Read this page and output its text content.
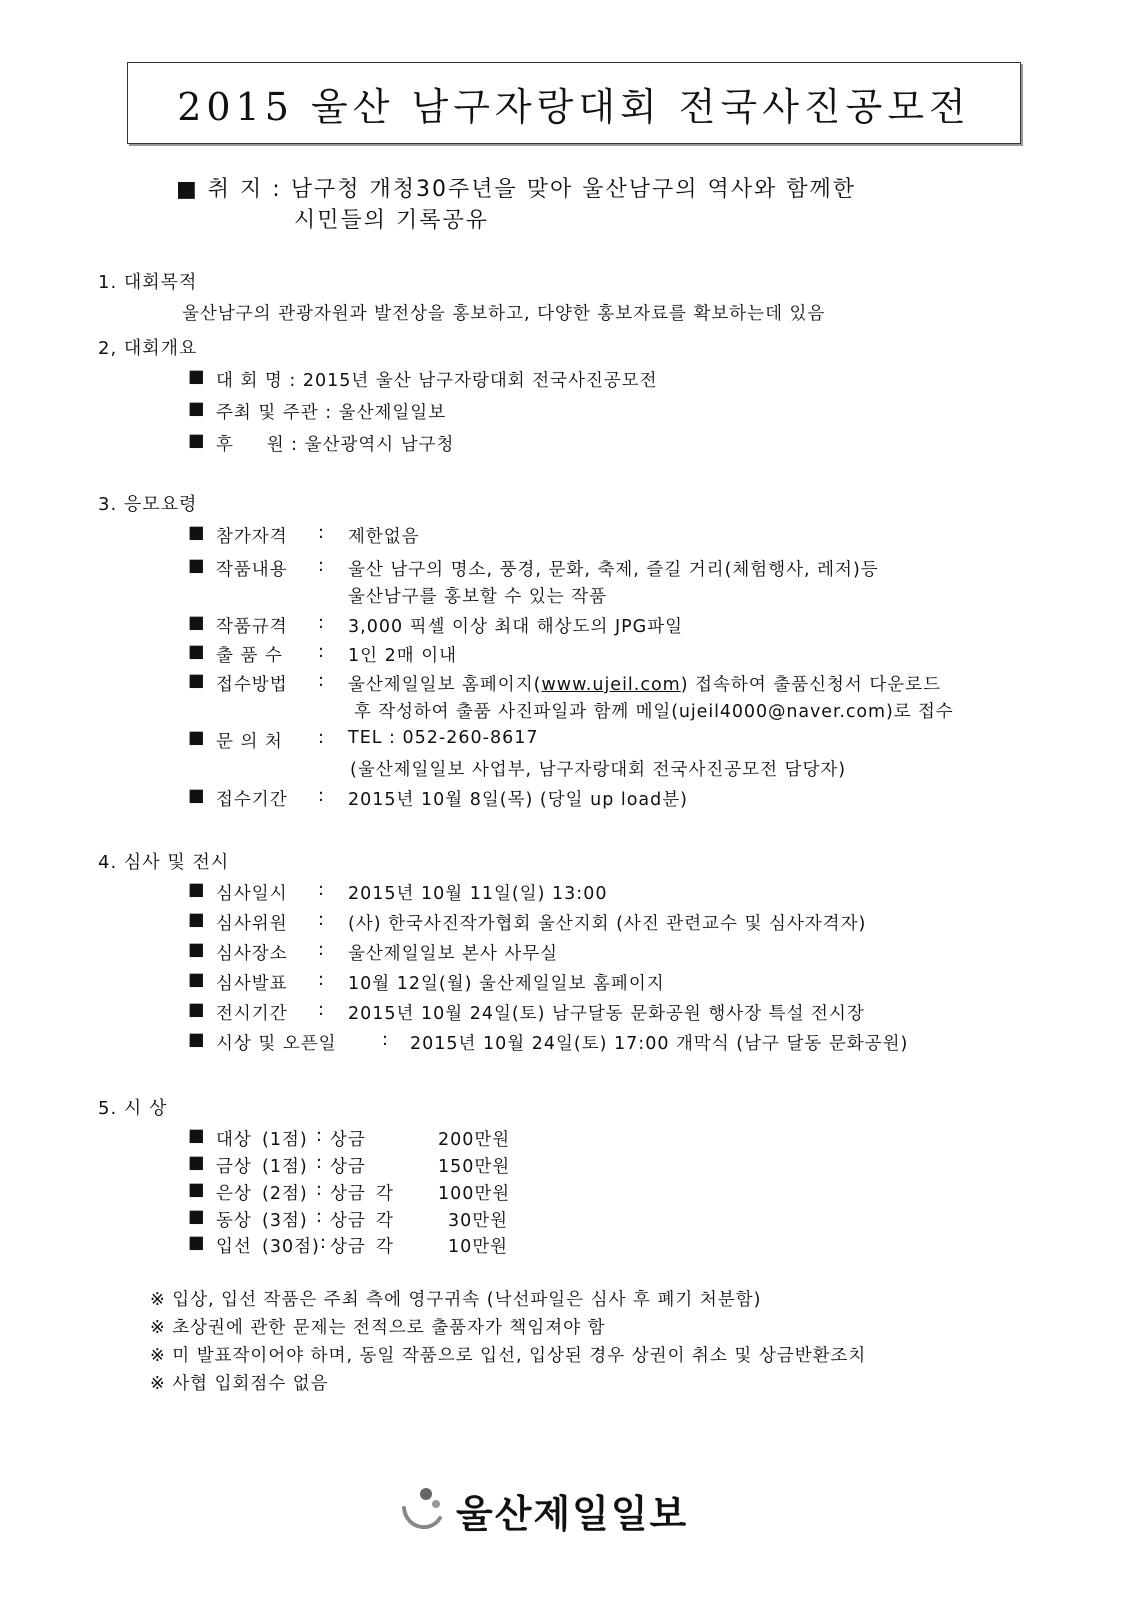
2015 울산 남구자랑대회 전국사진공모전
■ 취 지 : 남구청 개청30주년을 맞아 울산남구의 역사와 함께한
시민들의 기록공유
1. 대회목적
울산남구의 관광자원과 발전상을 홍보하고, 다양한 홍보자료를 확보하는데 있음
2, 대회개요
■ 대 회 명 : 2015년 울산 남구자랑대회 전국사진공모전
■ 주최 및 주관 : 울산제일일보
■ 후     원 : 울산광역시 남구청
3. 응모요령
■ 참가자격 : 제한없음
■ 작품내용 : 울산 남구의 명소, 풍경, 문화, 축제, 즐길 거리(체험행사, 레저)등
울산남구를 홍보할 수 있는 작품
■ 작품규격 : 3,000 픽셀 이상 최대 해상도의 JPG파일
■ 출 품 수 : 1인 2매 이내
■ 접수방법 : 울산제일일보 홈페이지(www.ujeil.com) 접속하여 출품신청서 다운로드
후 작성하여 출품 사진파일과 함께 메일(ujeil4000@naver.com)로 접수
■ 문 의 처 : TEL : 052-260-8617
(울산제일일보 사업부, 남구자랑대회 전국사진공모전 담당자)
■ 접수기간 : 2015년 10월 8일(목) (당일 up load분)
4. 심사 및 전시
■ 심사일시 : 2015년 10월 11일(일) 13:00
■ 심사위원 : (사) 한국사진작가협회 울산지회 (사진 관련교수 및 심사자격자)
■ 심사장소 : 울산제일일보 본사 사무실
■ 심사발표 : 10월 12일(월) 울산제일일보 홈페이지
■ 전시기간 : 2015년 10월 24일(토) 남구달동 문화공원 행사장 특설 전시장
■ 시상 및 오픈일	: 2015년 10월 24일(토) 17:00 개막식 (남구 달동 문화공원)
5. 시 상
■ 대상 (1점) : 상금	200만원
■ 금상 (1점) : 상금	150만원
■ 은상 (2점) : 상금 각	100만원
■ 동상 (3점) : 상금 각	30만원
■ 입선 (30점) : 상금 각	10만원
※ 입상, 입선 작품은 주최 측에 영구귀속 (낙선파일은 심사 후 폐기 처분함)
※ 초상권에 관한 문제는 전적으로 출품자가 책임져야 함
※ 미 발표작이어야 하며, 동일 작품으로 입선, 입상된 경우 상권이 취소 및 상금반환조치
※ 사협 입회점수 없음
울산제일일보
